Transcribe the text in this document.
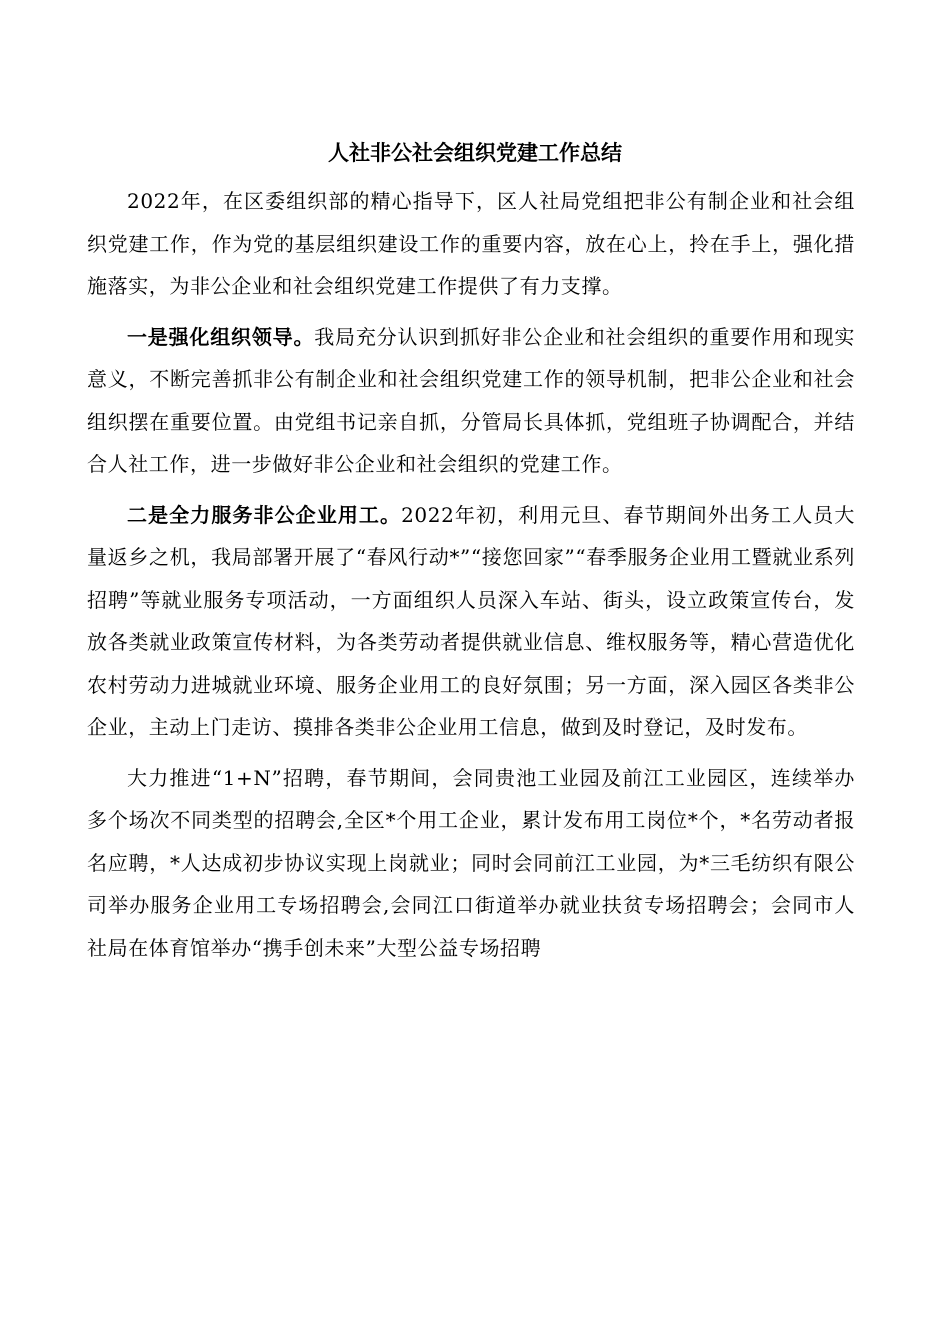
人社非公社会组织党建工作总结

2022年，在区委组织部的精心指导下，区人社局党组把非公有制企业和社会组织党建工作，作为党的基层组织建设工作的重要内容，放在心上，拎在手上，强化措施落实，为非公企业和社会组织党建工作提供了有力支撑。

一是强化组织领导。我局充分认识到抓好非公企业和社会组织的重要作用和现实意义，不断完善抓非公有制企业和社会组织党建工作的领导机制，把非公企业和社会组织摆在重要位置。由党组书记亲自抓，分管局长具体抓，党组班子协调配合，并结合人社工作，进一步做好非公企业和社会组织的党建工作。

二是全力服务非公企业用工。2022年初，利用元旦、春节期间外出务工人员大量返乡之机，我局部署开展了“春风行动*”“接您回家”“春季服务企业用工暨就业系列招聘”等就业服务专项活动，一方面组织人员深入车站、街头，设立政策宣传台，发放各类就业政策宣传材料，为各类劳动者提供就业信息、维权服务等，精心营造优化农村劳动力进城就业环境、服务企业用工的良好氛围；另一方面，深入园区各类非公企业，主动上门走访、摸排各类非公企业用工信息，做到及时登记，及时发布。

大力推进“1+N”招聘，春节期间，会同贵池工业园及前江工业园区，连续举办多个场次不同类型的招聘会,全区*个用工企业，累计发布用工岗位*个，*名劳动者报名应聘，*人达成初步协议实现上岗就业；同时会同前江工业园，为*三毛纺织有限公司举办服务企业用工专场招聘会,会同江口街道举办就业扶贫专场招聘会；会同市人社局在体育馆举办“携手创未来”大型公益专场招聘
